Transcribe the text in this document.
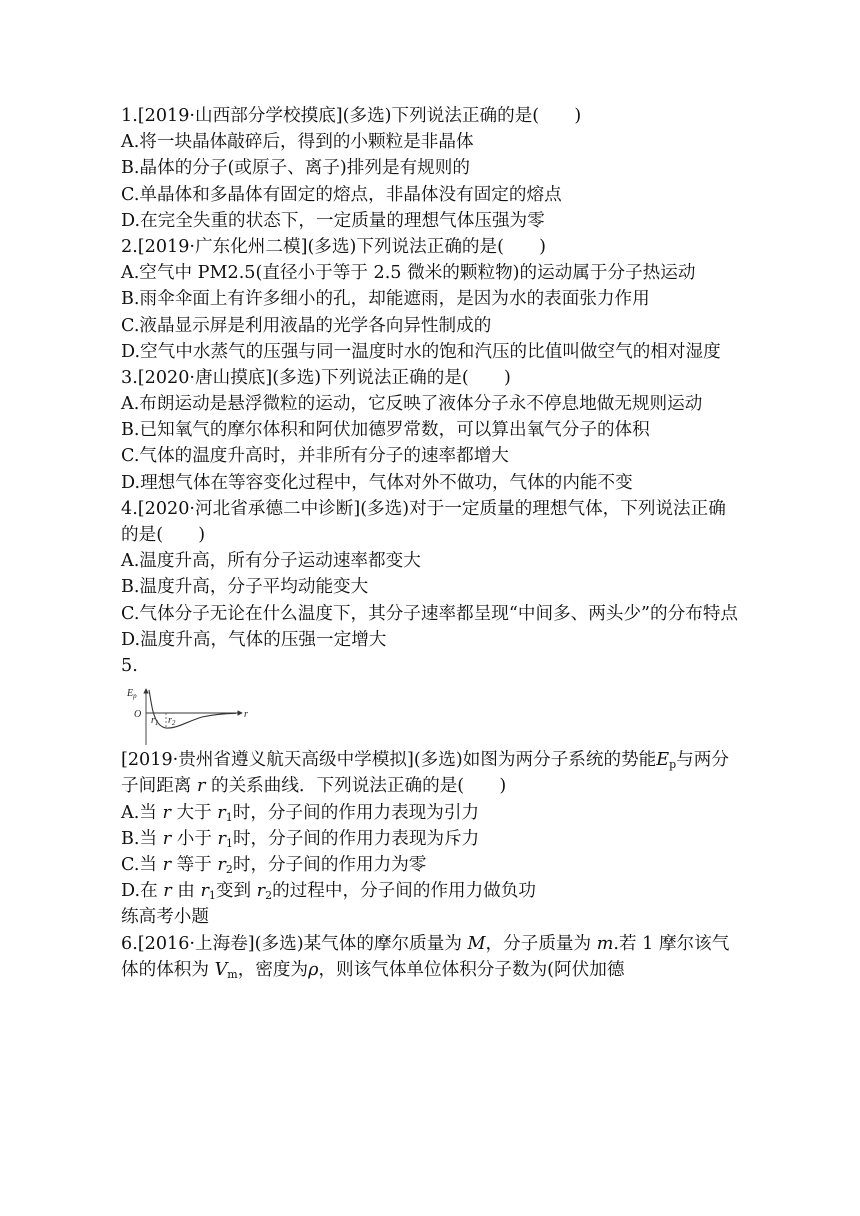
1.[2019·山西部分学校摸底](多选)下列说法正确的是(　　)
A.将一块晶体敲碎后，得到的小颗粒是非晶体
B.晶体的分子(或原子、离子)排列是有规则的
C.单晶体和多晶体有固定的熔点，非晶体没有固定的熔点
D.在完全失重的状态下，一定质量的理想气体压强为零
2.[2019·广东化州二模](多选)下列说法正确的是(　　)
A.空气中 PM2.5(直径小于等于 2.5 微米的颗粒物)的运动属于分子热运动
B.雨伞伞面上有许多细小的孔，却能遮雨，是因为水的表面张力作用
C.液晶显示屏是利用液晶的光学各向异性制成的
D.空气中水蒸气的压强与同一温度时水的饱和汽压的比值叫做空气的相对湿度
3.[2020·唐山摸底](多选)下列说法正确的是(　　)
A.布朗运动是悬浮微粒的运动，它反映了液体分子永不停息地做无规则运动
B.已知氧气的摩尔体积和阿伏加德罗常数，可以算出氧气分子的体积
C.气体的温度升高时，并非所有分子的速率都增大
D.理想气体在等容变化过程中，气体对外不做功，气体的内能不变
4.[2020·河北省承德二中诊断](多选)对于一定质量的理想气体，下列说法正确的是(　　)
A.温度升高，所有分子运动速率都变大
B.温度升高，分子平均动能变大
C.气体分子无论在什么温度下，其分子速率都呈现“中间多、两头少”的分布特点
D.温度升高，气体的压强一定增大
5.
$E_p$
O	r
$r_1$ $r_2$
[2019·贵州省遵义航天高级中学模拟](多选)如图为两分子系统的势能$E_p$与两分子间距离 r 的关系曲线．下列说法正确的是(　　)
A.当 r 大于 $r_1$时，分子间的作用力表现为引力
B.当 r 小于 $r_1$时，分子间的作用力表现为斥力
C.当 r 等于 $r_2$时，分子间的作用力为零
D.在 r 由 $r_1$变到 $r_2$的过程中，分子间的作用力做负功
练高考小题
6.[2016·上海卷](多选)某气体的摩尔质量为 M，分子质量为 m.若 1 摩尔该气体的体积为 $V_m$，密度为ρ，则该气体单位体积分子数为(阿伏加德
